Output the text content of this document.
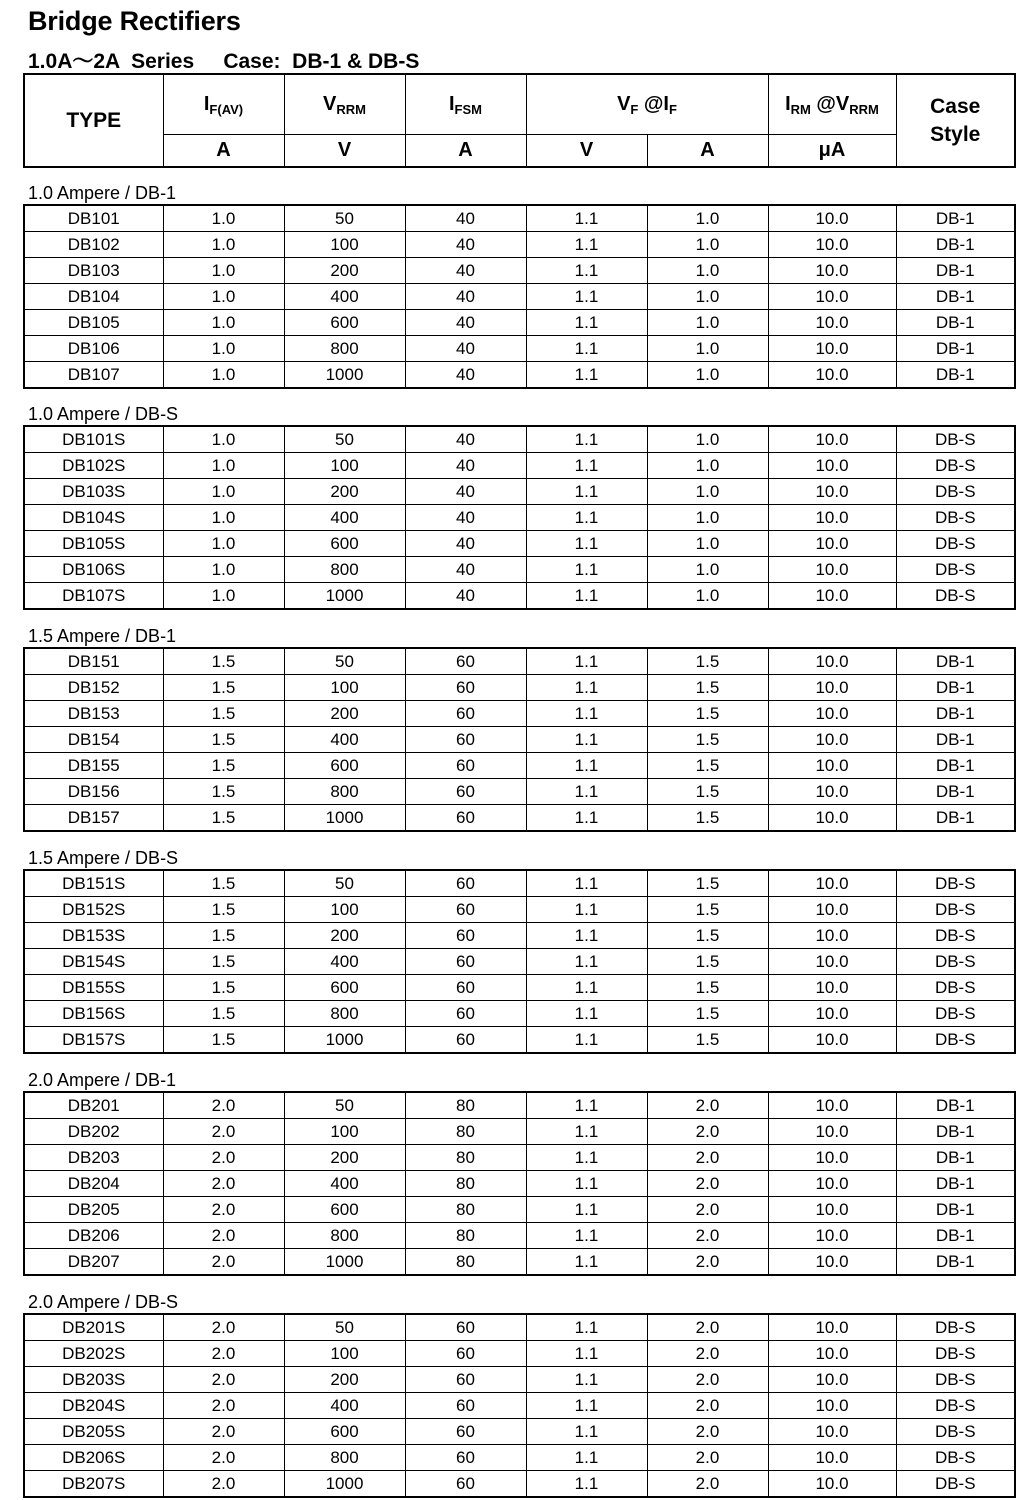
Bridge Rectifiers
1.0A～2A  Series     Case:  DB-1 & DB-S
TYPE	$I_{F(AV)}$	$V_{RRM}$	$I_{FSM}$	$V_F$ $@I_F$		$I_{RM}$ $@V_{RRM}$	Case
Style
	A	V	A	V	A	μA	
1.0 Ampere / DB-1
DB101	1.0	50	40	1.1	1.0	10.0	DB-1
DB102	1.0	100	40	1.1	1.0	10.0	DB-1
DB103	1.0	200	40	1.1	1.0	10.0	DB-1
DB104	1.0	400	40	1.1	1.0	10.0	DB-1
DB105	1.0	600	40	1.1	1.0	10.0	DB-1
DB106	1.0	800	40	1.1	1.0	10.0	DB-1
DB107	1.0	1000	40	1.1	1.0	10.0	DB-1
1.0 Ampere / DB-S
DB101S	1.0	50	40	1.1	1.0	10.0	DB-S
DB102S	1.0	100	40	1.1	1.0	10.0	DB-S
DB103S	1.0	200	40	1.1	1.0	10.0	DB-S
DB104S	1.0	400	40	1.1	1.0	10.0	DB-S
DB105S	1.0	600	40	1.1	1.0	10.0	DB-S
DB106S	1.0	800	40	1.1	1.0	10.0	DB-S
DB107S	1.0	1000	40	1.1	1.0	10.0	DB-S
1.5 Ampere / DB-1
DB151	1.5	50	60	1.1	1.5	10.0	DB-1
DB152	1.5	100	60	1.1	1.5	10.0	DB-1
DB153	1.5	200	60	1.1	1.5	10.0	DB-1
DB154	1.5	400	60	1.1	1.5	10.0	DB-1
DB155	1.5	600	60	1.1	1.5	10.0	DB-1
DB156	1.5	800	60	1.1	1.5	10.0	DB-1
DB157	1.5	1000	60	1.1	1.5	10.0	DB-1
1.5 Ampere / DB-S
DB151S	1.5	50	60	1.1	1.5	10.0	DB-S
DB152S	1.5	100	60	1.1	1.5	10.0	DB-S
DB153S	1.5	200	60	1.1	1.5	10.0	DB-S
DB154S	1.5	400	60	1.1	1.5	10.0	DB-S
DB155S	1.5	600	60	1.1	1.5	10.0	DB-S
DB156S	1.5	800	60	1.1	1.5	10.0	DB-S
DB157S	1.5	1000	60	1.1	1.5	10.0	DB-S
2.0 Ampere / DB-1
DB201	2.0	50	80	1.1	2.0	10.0	DB-1
DB202	2.0	100	80	1.1	2.0	10.0	DB-1
DB203	2.0	200	80	1.1	2.0	10.0	DB-1
DB204	2.0	400	80	1.1	2.0	10.0	DB-1
DB205	2.0	600	80	1.1	2.0	10.0	DB-1
DB206	2.0	800	80	1.1	2.0	10.0	DB-1
DB207	2.0	1000	80	1.1	2.0	10.0	DB-1
2.0 Ampere / DB-S
DB201S	2.0	50	60	1.1	2.0	10.0	DB-S
DB202S	2.0	100	60	1.1	2.0	10.0	DB-S
DB203S	2.0	200	60	1.1	2.0	10.0	DB-S
DB204S	2.0	400	60	1.1	2.0	10.0	DB-S
DB205S	2.0	600	60	1.1	2.0	10.0	DB-S
DB206S	2.0	800	60	1.1	2.0	10.0	DB-S
DB207S	2.0	1000	60	1.1	2.0	10.0	DB-S
